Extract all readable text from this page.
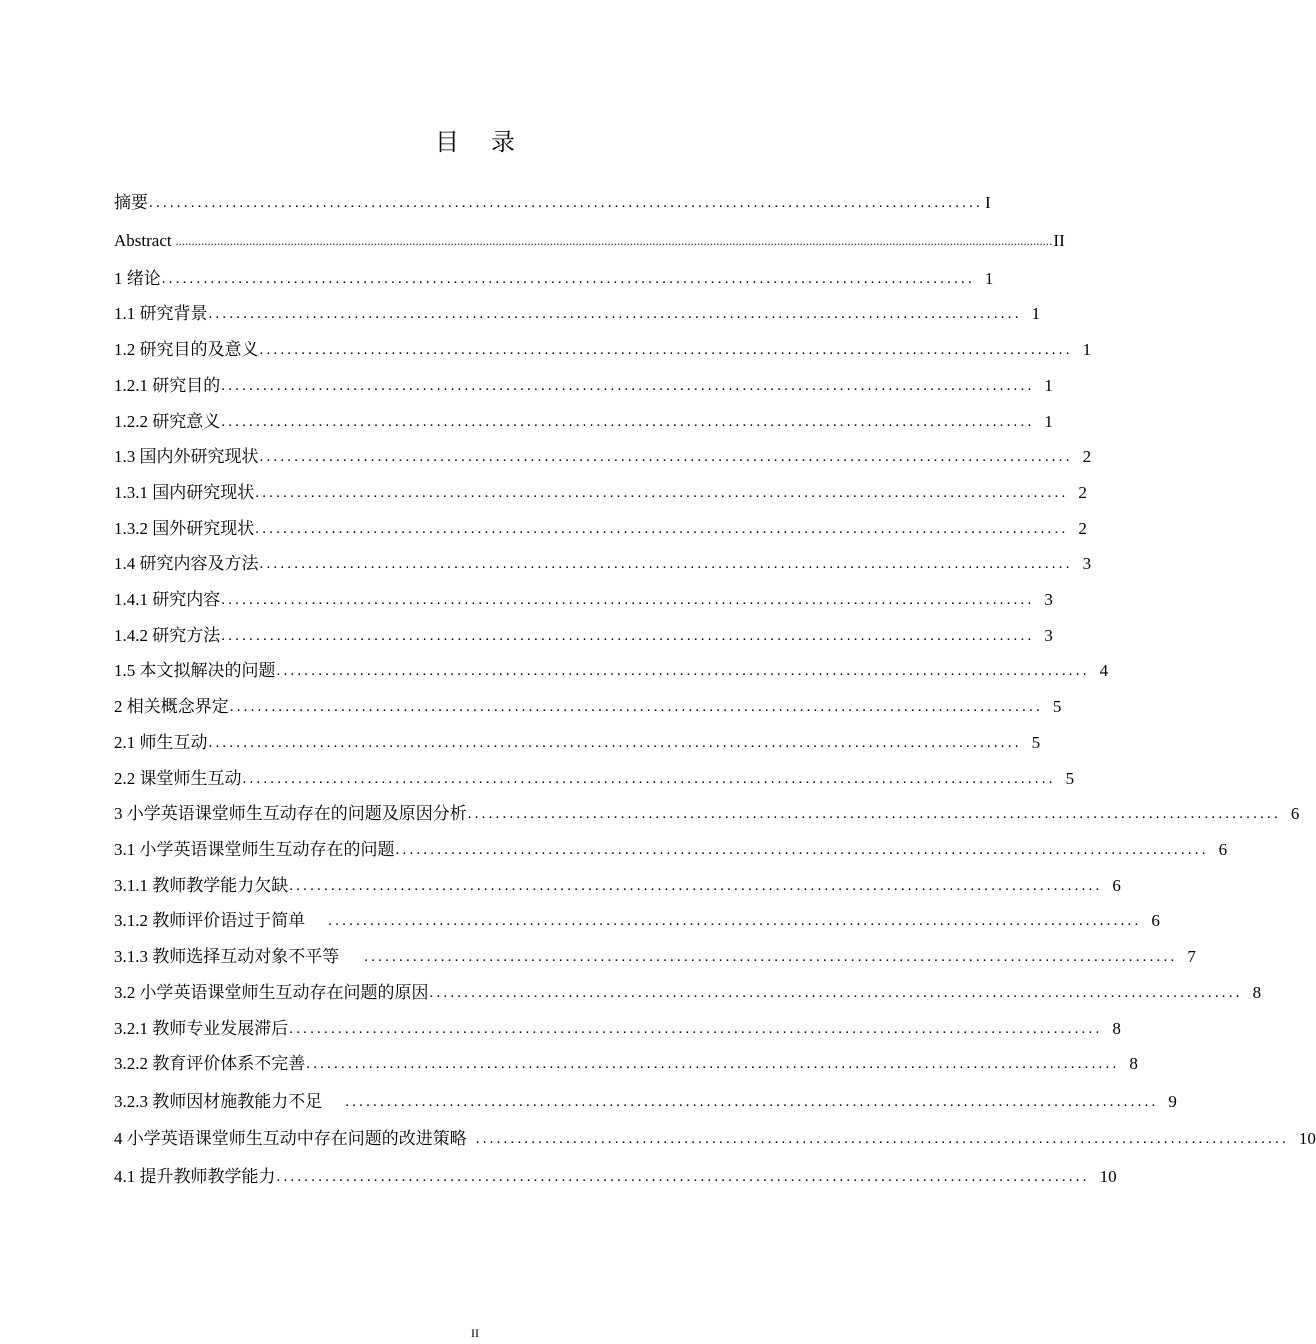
目 录
摘要 ........................................................................................................................ I
Abstract .................................................................................................................................................................................................................................................................................. II
1 绪论 ..................................................................................................................... 1
1.1 研究背景 ..................................................................................................................... 1
1.2 研究目的及意义 ..................................................................................................................... 1
1.2.1 研究目的 ..................................................................................................................... 1
1.2.2 研究意义 ..................................................................................................................... 1
1.3 国内外研究现状 ..................................................................................................................... 2
1.3.1 国内研究现状 ..................................................................................................................... 2
1.3.2 国外研究现状 ..................................................................................................................... 2
1.4 研究内容及方法 ..................................................................................................................... 3
1.4.1 研究内容 ..................................................................................................................... 3
1.4.2 研究方法 ..................................................................................................................... 3
1.5 本文拟解决的问题 ..................................................................................................................... 4
2 相关概念界定 ..................................................................................................................... 5
2.1 师生互动 ..................................................................................................................... 5
2.2 课堂师生互动 ..................................................................................................................... 5
3 小学英语课堂师生互动存在的问题及原因分析 ..................................................................................................................... 6
3.1 小学英语课堂师生互动存在的问题 ..................................................................................................................... 6
3.1.1 教师教学能力欠缺 ..................................................................................................................... 6
3.1.2 教师评价语过于简单 ..................................................................................................................... 6
3.1.3 教师选择互动对象不平等 ..................................................................................................................... 7
3.2 小学英语课堂师生互动存在问题的原因 ..................................................................................................................... 8
3.2.1 教师专业发展滞后 ..................................................................................................................... 8
3.2.2 教育评价体系不完善 ..................................................................................................................... 8
3.2.3 教师因材施教能力不足 ..................................................................................................................... 9
4 小学英语课堂师生互动中存在问题的改进策略 ..................................................................................................................... 10
4.1 提升教师教学能力 ..................................................................................................................... 10
II
